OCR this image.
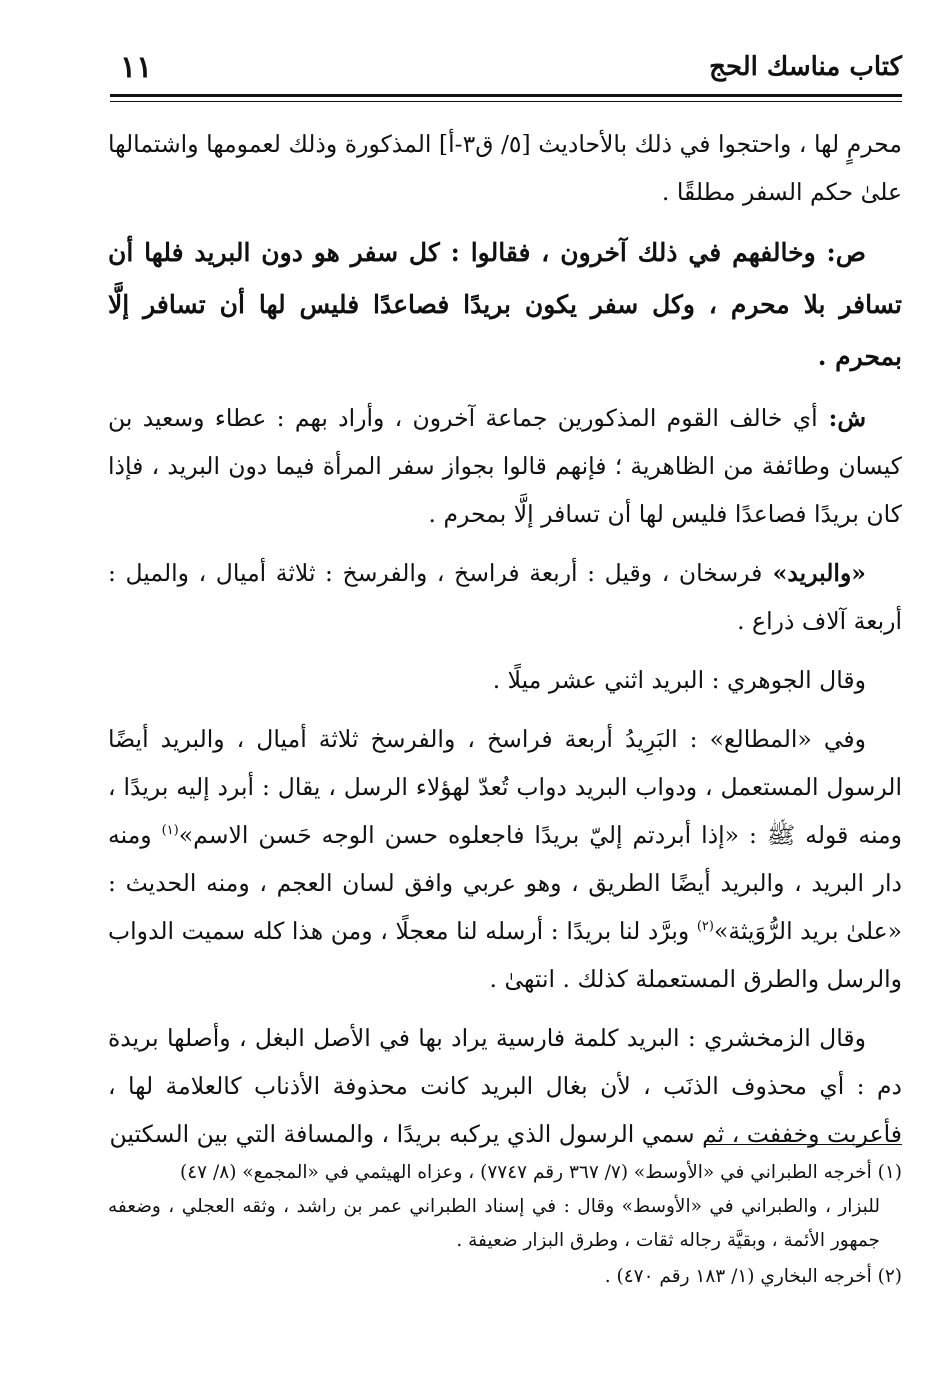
كتاب مناسك الحج
١١

محرمٍ لها ، واحتجوا في ذلك بالأحاديث [٥/ ق٣-أ] المذكورة وذلك لعمومها واشتمالها علىٰ حكم السفر مطلقًا .

ص: وخالفهم في ذلك آخرون ، فقالوا : كل سفر هو دون البريد فلها أن تسافر بلا محرم ، وكل سفر يكون بريدًا فصاعدًا فليس لها أن تسافر إلَّا بمحرم .

ش: أي خالف القوم المذكورين جماعة آخرون ، وأراد بهم : عطاء وسعيد بن كيسان وطائفة من الظاهرية ؛ فإنهم قالوا بجواز سفر المرأة فيما دون البريد ، فإذا كان بريدًا فصاعدًا فليس لها أن تسافر إلَّا بمحرم .

«والبريد» فرسخان ، وقيل : أربعة فراسخ ، والفرسخ : ثلاثة أميال ، والميل : أربعة آلاف ذراع .

وقال الجوهري : البريد اثني عشر ميلًا .

وفي «المطالع» : البَرِيدُ أربعة فراسخ ، والفرسخ ثلاثة أميال ، والبريد أيضًا الرسول المستعمل ، ودواب البريد دواب تُعدّ لهؤلاء الرسل ، يقال : أبرد إليه بريدًا ، ومنه قوله ﷺ : «إذا أبردتم إليّ بريدًا فاجعلوه حسن الوجه حَسن الاسم»$^{(١)}$ ومنه دار البريد ، والبريد أيضًا الطريق ، وهو عربي وافق لسان العجم ، ومنه الحديث : «علىٰ بريد الرُّوَيثة»$^{(٢)}$ وبرَّد لنا بريدًا : أرسله لنا معجلًا ، ومن هذا كله سميت الدواب والرسل والطرق المستعملة كذلك . انتهىٰ .

وقال الزمخشري : البريد كلمة فارسية يراد بها في الأصل البغل ، وأصلها بريدة دم : أي محذوف الذنَب ، لأن بغال البريد كانت محذوفة الأذناب كالعلامة لها ، فأعربت وخففت ، ثم سمي الرسول الذي يركبه بريدًا ، والمسافة التي بين السكتين

(١) أخرجه الطبراني في «الأوسط» (٧/ ٣٦٧ رقم ٧٧٤٧) ، وعزاه الهيثمي في «المجمع» (٨/ ٤٧)
للبزار ، والطبراني في «الأوسط» وقال : في إسناد الطبراني عمر بن راشد ، وثقه العجلي ، وضعفه جمهور الأئمة ، وبقيَّة رجاله ثقات ، وطرق البزار ضعيفة .

(٢) أخرجه البخاري (١/ ١٨٣ رقم ٤٧٠) .
